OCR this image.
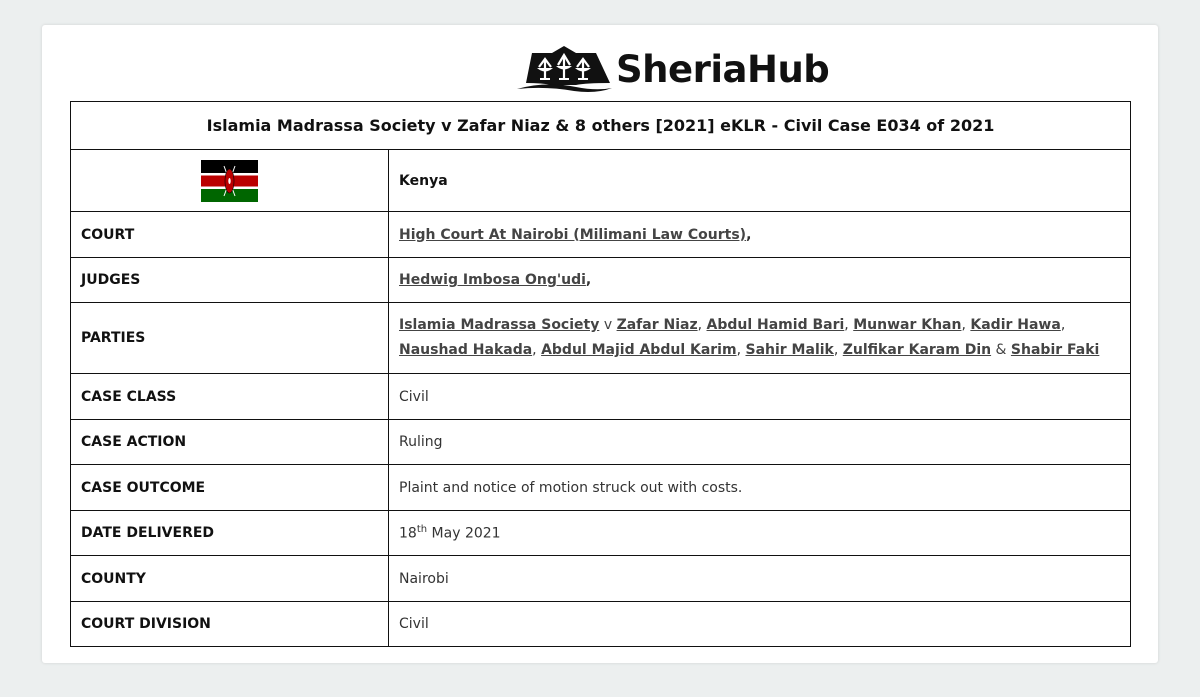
SheriaHub
Islamia Madrassa Society v Zafar Niaz & 8 others [2021] eKLR - Civil Case E034 of 2021	
	Kenya
COURT	High Court At Nairobi (Milimani Law Courts),
JUDGES	Hedwig Imbosa Ong'udi,
PARTIES	Islamia Madrassa Society v Zafar Niaz, Abdul Hamid Bari, Munwar Khan, Kadir Hawa,
Naushad Hakada, Abdul Majid Abdul Karim, Sahir Malik, Zulfikar Karam Din & Shabir Faki
CASE CLASS	Civil
CASE ACTION	Ruling
CASE OUTCOME	Plaint and notice of motion struck out with costs.
DATE DELIVERED	18th May 2021
COUNTY	Nairobi
COURT DIVISION	Civil
